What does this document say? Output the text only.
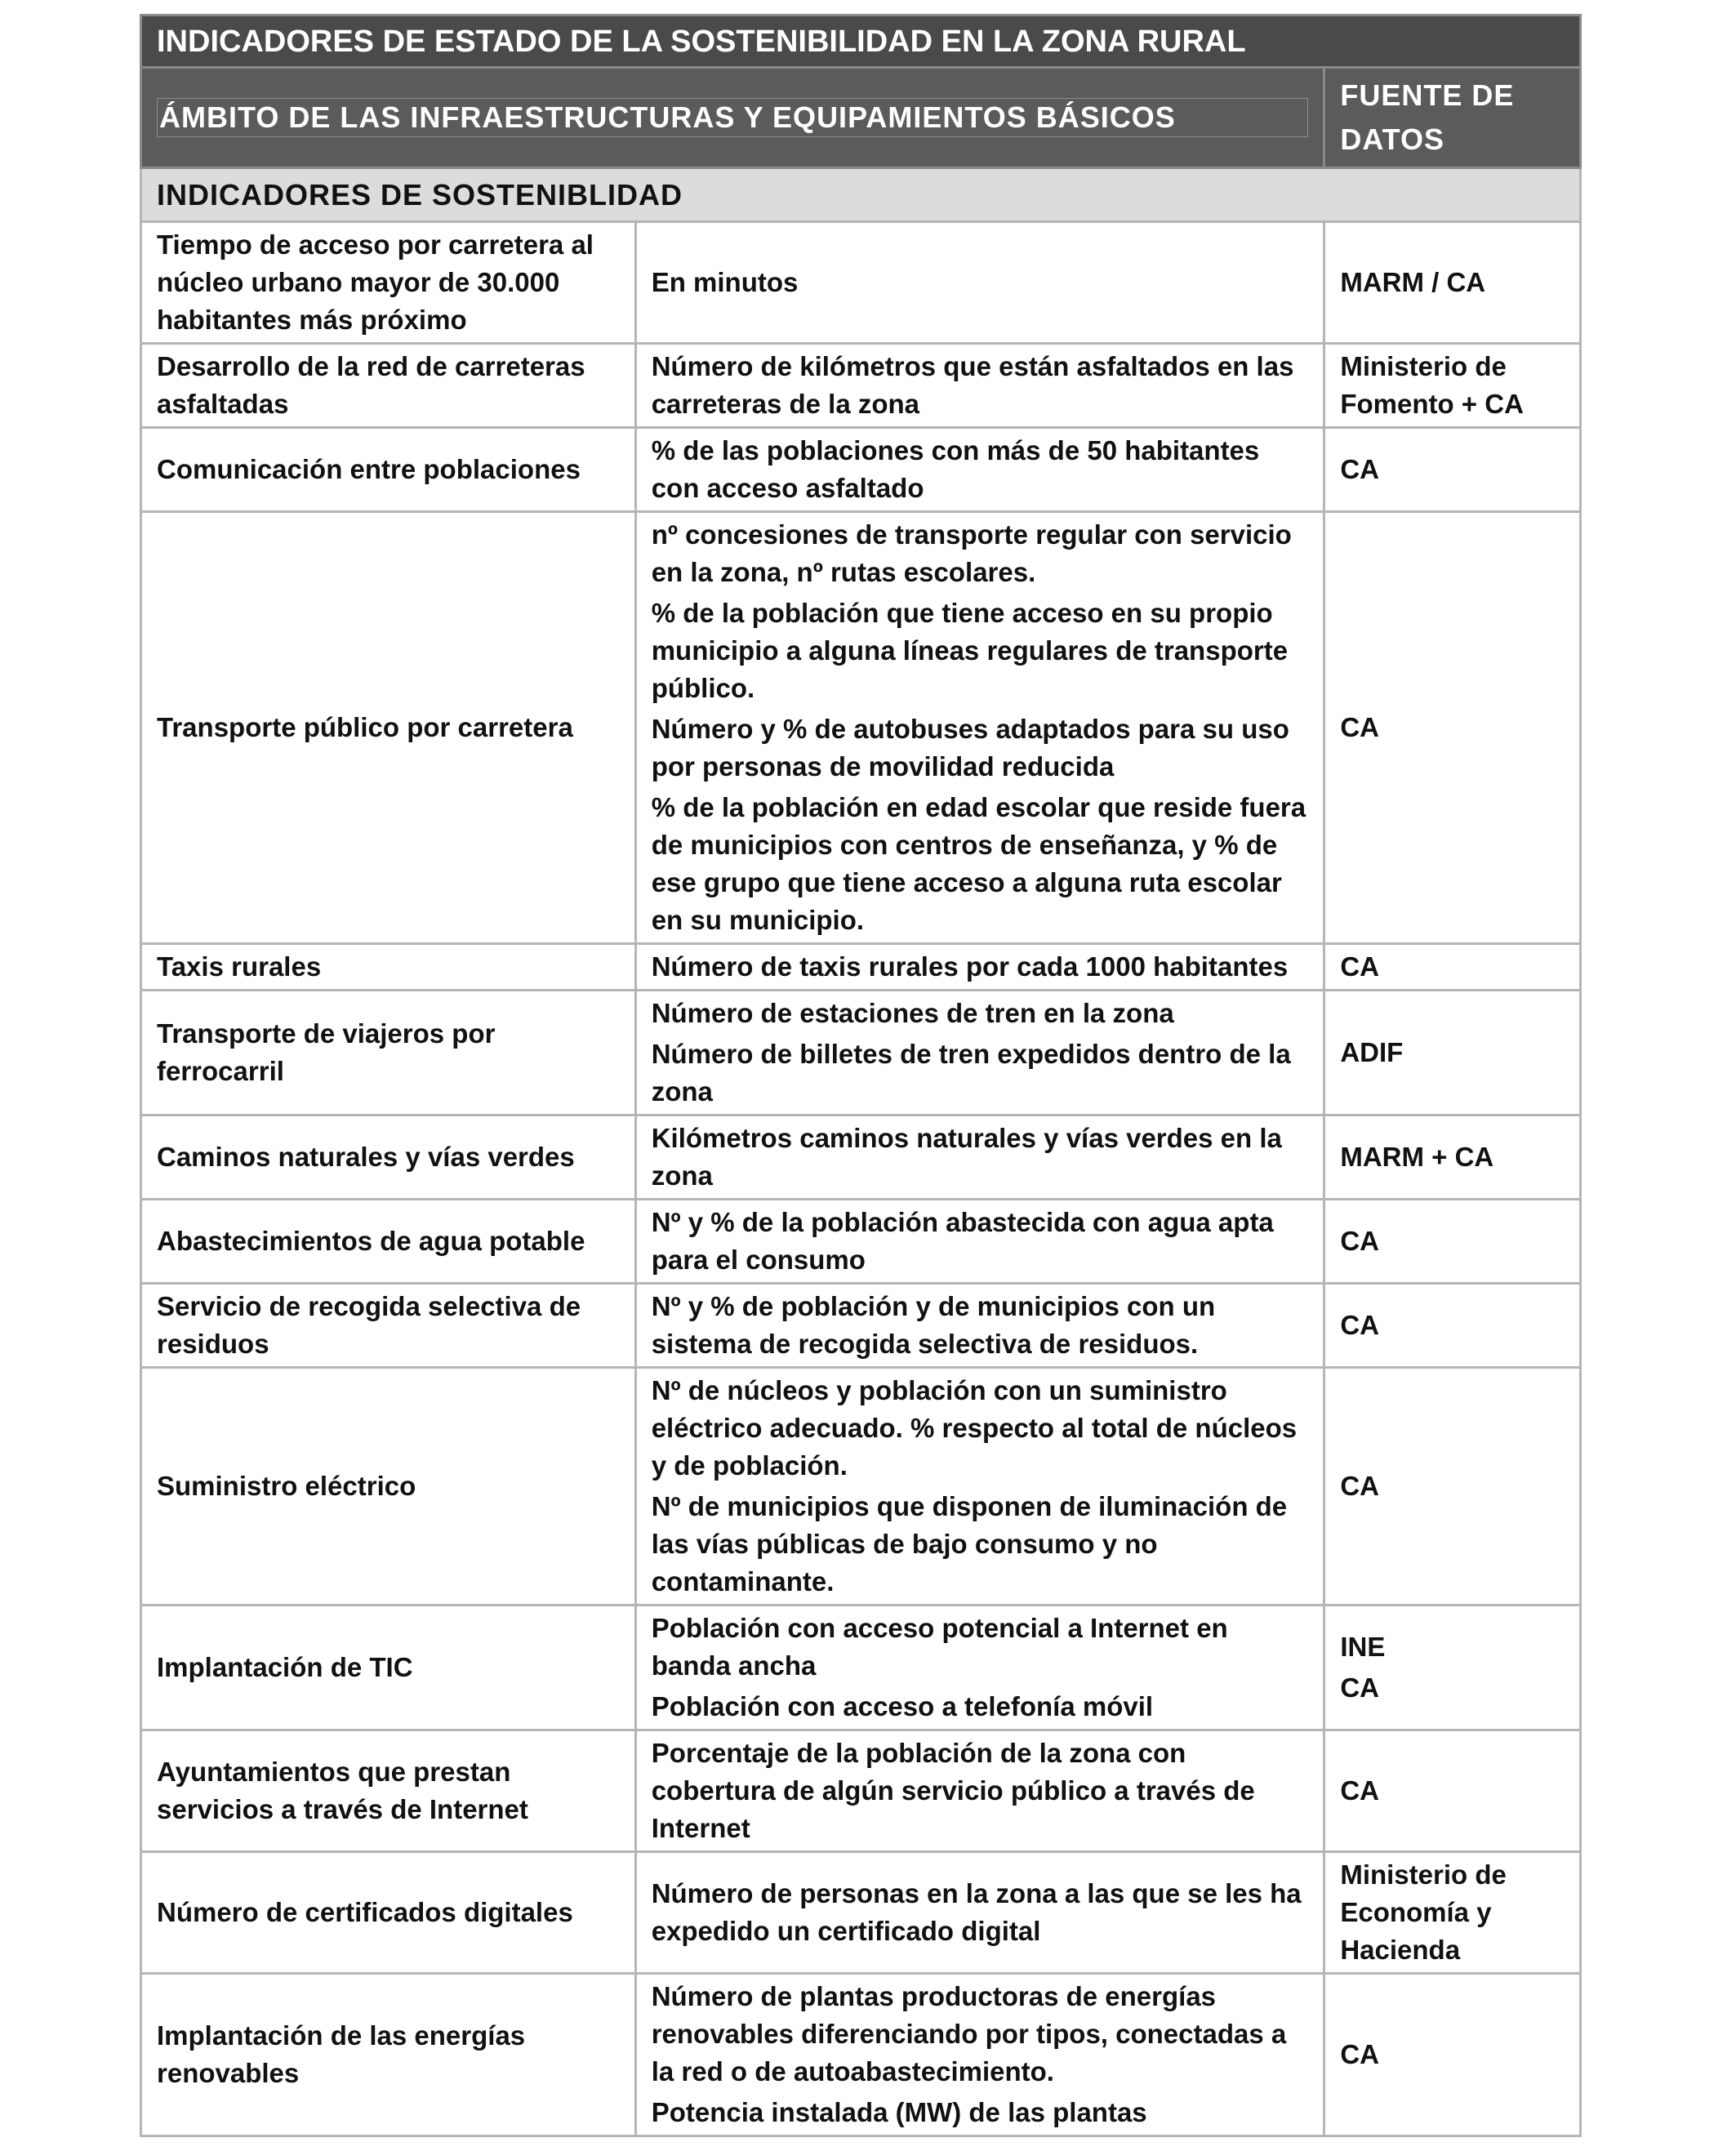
INDICADORES DE ESTADO DE LA SOSTENIBILIDAD EN LA ZONA RURAL		

ÁMBITO DE LAS INFRAESTRUCTURAS Y EQUIPAMIENTOS BÁSICOS		FUENTE DE
DATOS

INDICADORES DE SOSTENIBLIDAD		
Tiempo de acceso por carretera al núcleo urbano mayor de 30.000 habitantes más próximo	En minutos	MARM / CA

Desarrollo de la red de carreteras asfaltadas	Número de kilómetros que están asfaltados en las carreteras de la zona	Ministerio de Fomento + CA

Comunicación entre poblaciones	% de las poblaciones con más de 50 habitantes con acceso asfaltado	CA

Transporte público por carretera	nº concesiones de transporte regular con servicio en la zona, nº rutas escolares.
% de la población que tiene acceso en su propio municipio a alguna líneas regulares de transporte público.
Número y % de autobuses adaptados para su uso por personas de movilidad reducida
% de la población en edad escolar que reside fuera de municipios con centros de enseñanza, y % de ese grupo que tiene acceso a alguna ruta escolar en su municipio.	CA

Taxis rurales	Número de taxis rurales por cada 1000 habitantes	CA

Transporte de viajeros por ferrocarril	Número de estaciones de tren en la zona
Número de billetes de tren expedidos dentro de la zona	ADIF

Caminos naturales y vías verdes	Kilómetros caminos naturales y vías verdes en la zona	MARM + CA

Abastecimientos de agua potable	Nº y % de la población abastecida con agua apta para el consumo	CA

Servicio de recogida selectiva de residuos	Nº y % de población y de municipios con un sistema de recogida selectiva de residuos.	CA

Suministro eléctrico	Nº de núcleos y población con un suministro eléctrico adecuado. % respecto al total de núcleos y de población.
Nº de municipios que disponen de iluminación de las vías públicas de bajo consumo y no contaminante.	CA

Implantación de TIC	Población con acceso potencial a Internet en banda ancha
Población con acceso a telefonía móvil	INE
CA

Ayuntamientos que prestan servicios a través de Internet	Porcentaje de la población de la zona con cobertura de algún servicio público a través de Internet	CA

Número de certificados digitales	Número de personas en la zona a las que se les ha expedido un certificado digital	Ministerio de Economía y Hacienda

Implantación de las energías renovables	Número de plantas productoras de energías renovables diferenciando por tipos, conectadas a la red o de autoabastecimiento.
Potencia instalada (MW) de las plantas	CA
